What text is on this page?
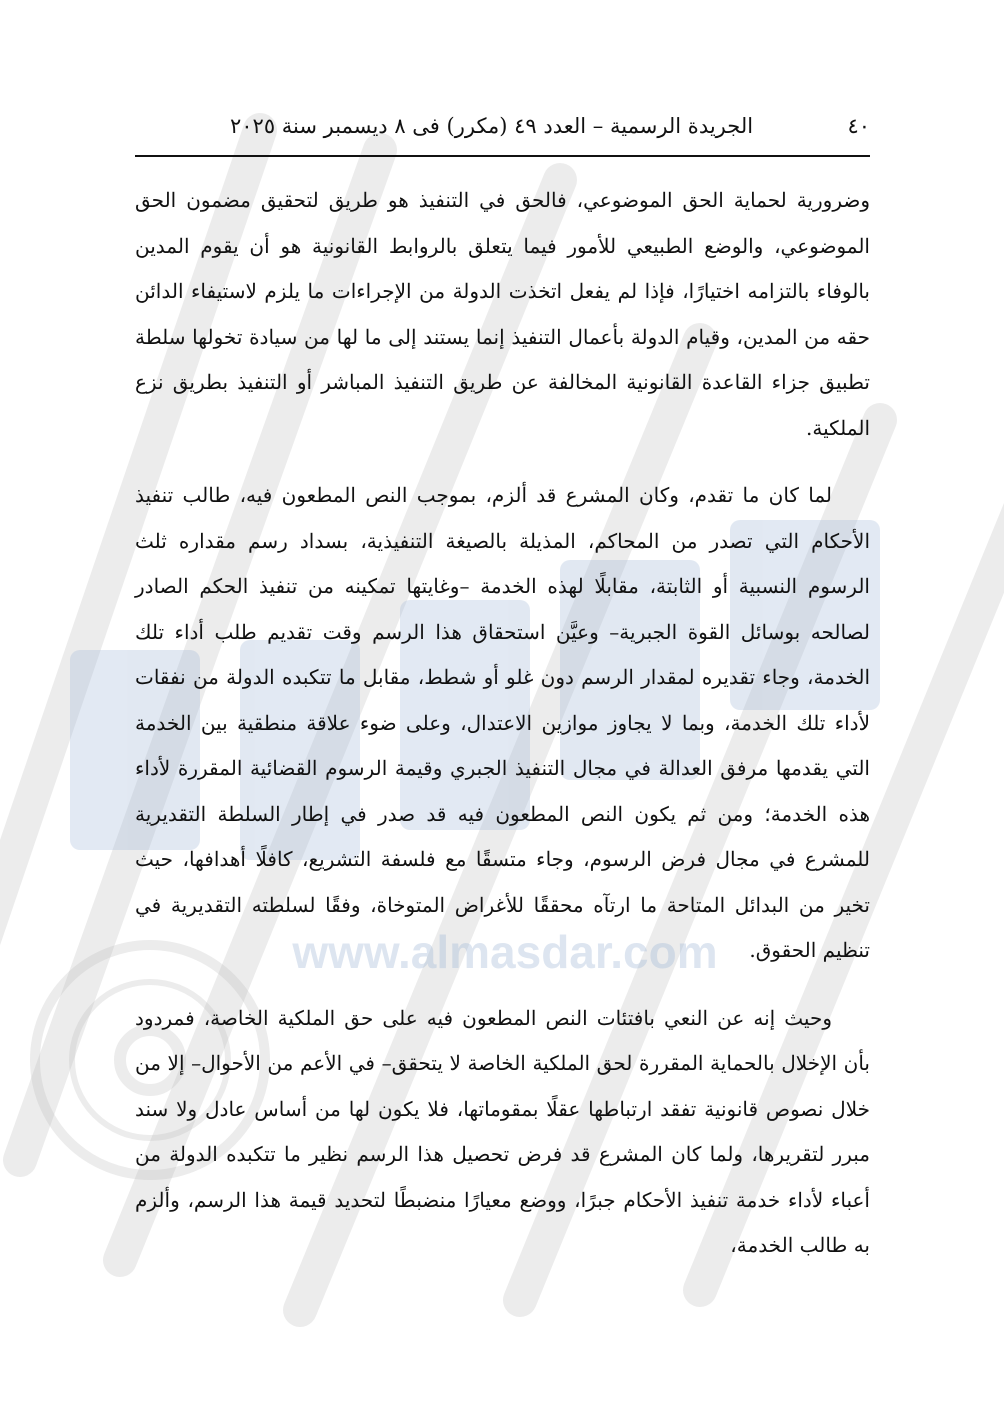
www.almasdar.com
٤٠
الجريدة الرسمية – العدد ٤٩ (مكرر) فى ٨ ديسمبر سنة ٢٠٢٥

وضرورية لحماية الحق الموضوعي، فالحق في التنفيذ هو طريق لتحقيق مضمون الحق الموضوعي، والوضع الطبيعي للأمور فيما يتعلق بالروابط القانونية هو أن يقوم المدين بالوفاء بالتزامه اختيارًا، فإذا لم يفعل اتخذت الدولة من الإجراءات ما يلزم لاستيفاء الدائن حقه من المدين، وقيام الدولة بأعمال التنفيذ إنما يستند إلى ما لها من سيادة تخولها سلطة تطبيق جزاء القاعدة القانونية المخالفة عن طريق التنفيذ المباشر أو التنفيذ بطريق نزع الملكية.

لما كان ما تقدم، وكان المشرع قد ألزم، بموجب النص المطعون فيه، طالب تنفيذ الأحكام التي تصدر من المحاكم، المذيلة بالصيغة التنفيذية، بسداد رسم مقداره ثلث الرسوم النسبية أو الثابتة، مقابلًا لهذه الخدمة –وغايتها تمكينه من تنفيذ الحكم الصادر لصالحه بوسائل القوة الجبرية– وعيَّن استحقاق هذا الرسم وقت تقديم طلب أداء تلك الخدمة، وجاء تقديره لمقدار الرسم دون غلو أو شطط، مقابل ما تتكبده الدولة من نفقات لأداء تلك الخدمة، وبما لا يجاوز موازين الاعتدال، وعلى ضوء علاقة منطقية بين الخدمة التي يقدمها مرفق العدالة في مجال التنفيذ الجبري وقيمة الرسوم القضائية المقررة لأداء هذه الخدمة؛ ومن ثم يكون النص المطعون فيه قد صدر في إطار السلطة التقديرية للمشرع في مجال فرض الرسوم، وجاء متسقًا مع فلسفة التشريع، كافلًا أهدافها، حيث تخير من البدائل المتاحة ما ارتآه محققًا للأغراض المتوخاة، وفقًا لسلطته التقديرية في تنظيم الحقوق.

وحيث إنه عن النعي بافتئات النص المطعون فيه على حق الملكية الخاصة، فمردود بأن الإخلال بالحماية المقررة لحق الملكية الخاصة لا يتحقق– في الأعم من الأحوال– إلا من خلال نصوص قانونية تفقد ارتباطها عقلًا بمقوماتها، فلا يكون لها من أساس عادل ولا سند مبرر لتقريرها، ولما كان المشرع قد فرض تحصيل هذا الرسم نظير ما تتكبده الدولة من أعباء لأداء خدمة تنفيذ الأحكام جبرًا، ووضع معيارًا منضبطًا لتحديد قيمة هذا الرسم، وألزم به طالب الخدمة،
